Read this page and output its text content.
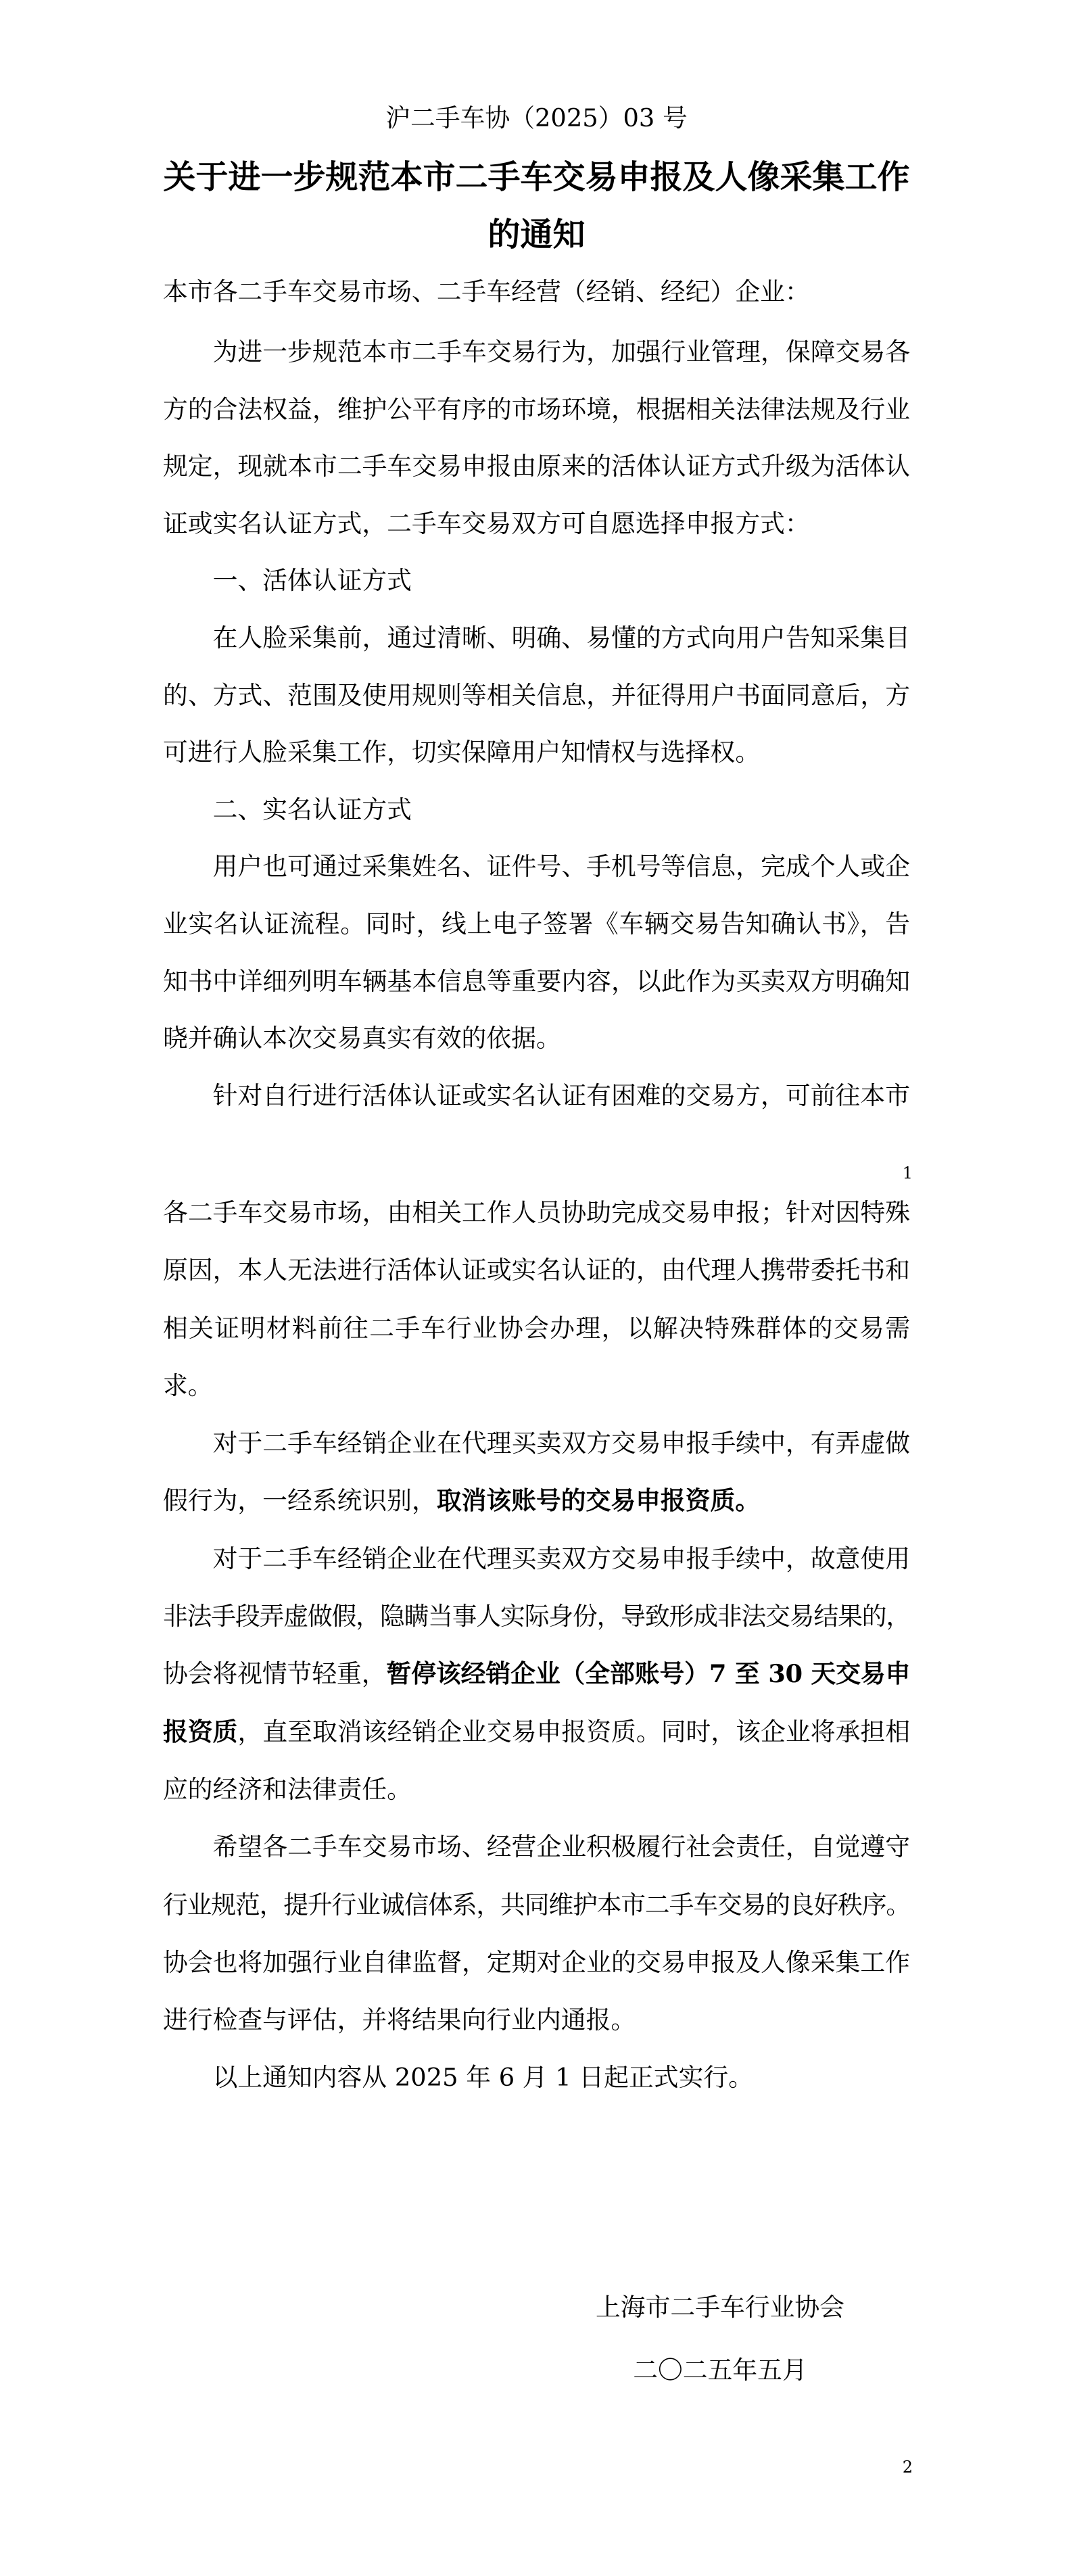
沪二手车协（2025）03 号
关于进一步规范本市二手车交易申报及人像采集工作
的通知
本市各二手车交易市场、二手车经营（经销、经纪）企业：
为进一步规范本市二手车交易行为，加强行业管理，保障交易各
方的合法权益，维护公平有序的市场环境，根据相关法律法规及行业
规定，现就本市二手车交易申报由原来的活体认证方式升级为活体认
证或实名认证方式，二手车交易双方可自愿选择申报方式：
一、活体认证方式
在人脸采集前，通过清晰、明确、易懂的方式向用户告知采集目
的、方式、范围及使用规则等相关信息，并征得用户书面同意后，方
可进行人脸采集工作，切实保障用户知情权与选择权。
二、实名认证方式
用户也可通过采集姓名、证件号、手机号等信息，完成个人或企
业实名认证流程。同时，线上电子签署《车辆交易告知确认书》，告
知书中详细列明车辆基本信息等重要内容，以此作为买卖双方明确知
晓并确认本次交易真实有效的依据。
针对自行进行活体认证或实名认证有困难的交易方，可前往本市
1
各二手车交易市场，由相关工作人员协助完成交易申报；针对因特殊
原因，本人无法进行活体认证或实名认证的，由代理人携带委托书和
相关证明材料前往二手车行业协会办理，以解决特殊群体的交易需
求。
对于二手车经销企业在代理买卖双方交易申报手续中，有弄虚做
假行为，一经系统识别，取消该账号的交易申报资质。
对于二手车经销企业在代理买卖双方交易申报手续中，故意使用
非法手段弄虚做假，隐瞒当事人实际身份，导致形成非法交易结果的，
协会将视情节轻重，暂停该经销企业（全部账号）7 至 30 天交易申
报资质，直至取消该经销企业交易申报资质。同时，该企业将承担相
应的经济和法律责任。
希望各二手车交易市场、经营企业积极履行社会责任，自觉遵守
行业规范，提升行业诚信体系，共同维护本市二手车交易的良好秩序。
协会也将加强行业自律监督，定期对企业的交易申报及人像采集工作
进行检查与评估，并将结果向行业内通报。
以上通知内容从 2025 年 6 月 1 日起正式实行。
上海市二手车行业协会
二〇二五年五月
2
